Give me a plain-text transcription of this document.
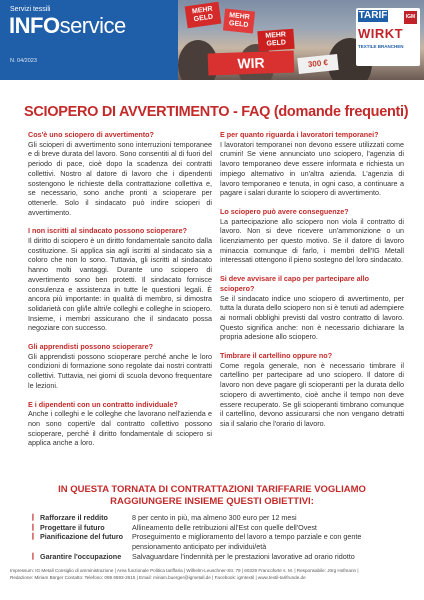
Servizi tessili
INFOservice
N. 04/2023
MEHR GELD	MEHR GELD
MEHR GELD
WIR	300 €
TARIF	IGM
WIRKT
TEXTILE BRANCHEN
SCIOPERO DI AVVERTIMENTO - FAQ (domande frequenti)
Cos'è uno sciopero di avvertimento?
Gli scioperi di avvertimento sono interruzioni temporanee e di breve durata del lavoro. Sono consentiti al di fuori del periodo di pace, cioè dopo la scadenza dei contratti collettivi. Nostro al datore di lavoro che i dipendenti sostengono le richieste della contrattazione collettiva e, se necessario, sono anche pronti a scioperare per ottenerle. Solo il sindacato può indire scioperi di avvertimento.
I non iscritti al sindacato possono scioperare?
Il diritto di sciopero è un diritto fondamentale sancito dalla costituzione. Si applica sia agli iscritti al sindacato sia a coloro che non lo sono. Tuttavia, gli iscritti al sindacato hanno molti vantaggi. Durante uno sciopero di avvertimento sono ben protetti. Il sindacato fornisce consulenza e assistenza in tutte le questioni legali. È ancora più importante: in qualità di membro, si dimostra solidarietà con gli/le altri/e colleghi e colleghe in sciopero. Insieme, i membri assicurano che il sindacato possa negoziare con successo.
Gli apprendisti possono scioperare?
Gli apprendisti possono scioperare perché anche le loro condizioni di formazione sono regolate dai nostri contratti collettivi. Tuttavia, nei giorni di scuola devono frequentare le lezioni.
E i dipendenti con un contratto individuale?
Anche i colleghi e le colleghe che lavorano nell'azienda e non sono coperti/e dal contratto collettivo possono scioperare, perché il diritto fondamentale di sciopero si applica anche a loro.
E per quanto riguarda i lavoratori temporanei?
I lavoratori temporanei non devono essere utilizzati come crumiri! Se viene annunciato uno sciopero, l'agenzia di lavoro temporaneo deve essere informata e richiesta un impiego alternativo in un'altra azienda. L'agenzia di lavoro temporaneo e tenuta, in ogni caso, a continuare a pagare i salari durante lo sciopero di avvertimento.
Lo sciopero può avere conseguenze?
La partecipazione allo sciopero non viola il contratto di lavoro. Non si deve ricevere un'ammonizione o un licenziamento per questo motivo. Se il datore di lavoro minaccia comunque di farlo, i membri dell'IG Metall interessati ottengono il pieno sostegno del loro sindacato.
Si deve avvisare il capo per partecipare allo sciopero?
Se il sindacato indice uno sciopero di avvertimento, per tutta la durata dello sciopero non si è tenuti ad adempiere ai normali obblighi previsti dal vostro contratto di lavoro. Questo significa anche: non è necessario dichiarare la propria adesione allo sciopero.
Timbrare il cartellino oppure no?
Come regola generale, non è necessario timbrare il cartellino per partecipare ad uno sciopero. Il datore di lavoro non deve pagare gli scioperanti per la durata dello sciopero di avvertimento, cioè anche il tempo non deve essere recuperato. Se gli scioperanti timbrano comunque il cartellino, devono assicurarsi che non vengano detratti sia il salario che l'orario di lavoro.
IN QUESTA TORNATA DI CONTRATTAZIONI TARIFFARIE VOGLIAMO
RAGGIUNGERE INSIEME QUESTI OBIETTIVI:
❙ Rafforzare il reddito	8 per cento in più, ma almeno 300 euro per 12 mesi
❙ Progettare il futuro	Allineamento delle retribuzioni all'Est con quelle dell'Ovest
❙ Pianificazione del futuro	Proseguimento e miglioramento del lavoro a tempo parziale e con gente pensionamento anticipato per individui/età
❙ Garantire l'occupazione	Salvaguardare l'indennità per le prestazioni lavorative ad orario ridotto
Impressum: IG Metall Consiglio di amministrazione | Area funzionale Politica tariffaria | Wilhelm-Leuschner-Str. 79 | 60329 Francoforte s. M. | Responsabile: Jörg Hofmann |
Redazione: Miriam Bürger Contatto: Telefono: 069 6693-2615 | Email: miriam.buerger@igmetall.de | Facebook: igmtextil | www.textil-tarifrunde.de
